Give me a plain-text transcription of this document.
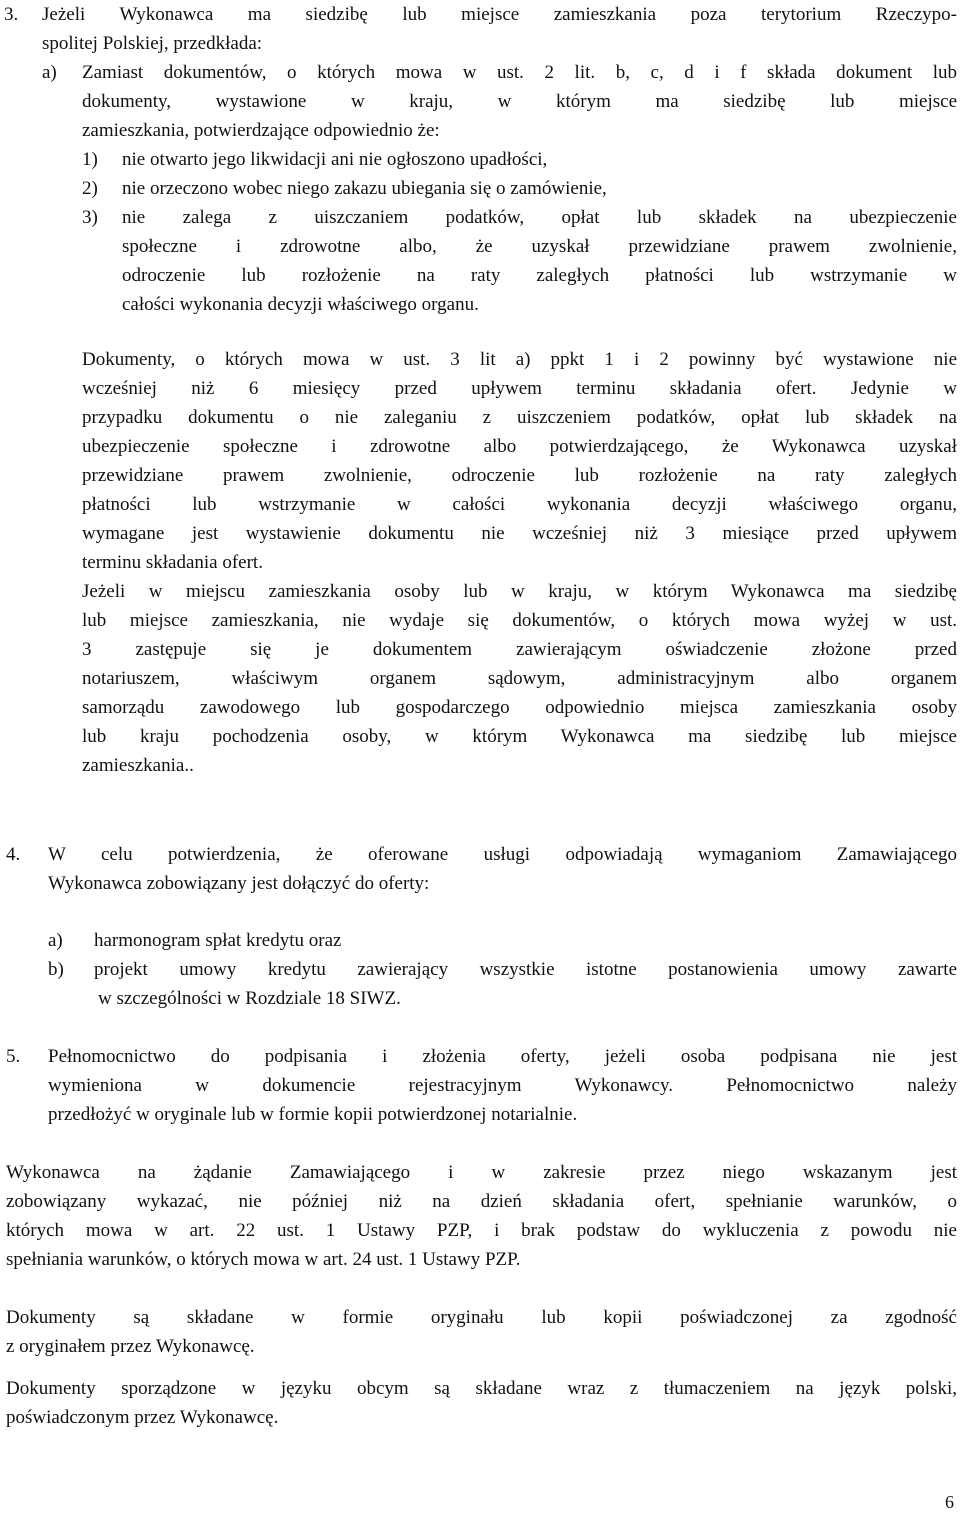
3. Jeżeli Wykonawca ma siedzibę lub miejsce zamieszkania poza terytorium Rzeczypo-
spolitej Polskiej, przedkłada:
a) Zamiast dokumentów, o których mowa w ust. 2 lit. b, c, d i f składa dokument lub
dokumenty, wystawione w kraju, w którym ma siedzibę lub miejsce
zamieszkania, potwierdzające odpowiednio że:
1) nie otwarto jego likwidacji ani nie ogłoszono upadłości,
2) nie orzeczono wobec niego zakazu ubiegania się o zamówienie,
3) nie zalega z uiszczaniem podatków, opłat lub składek na ubezpieczenie
społeczne i zdrowotne albo, że uzyskał przewidziane prawem zwolnienie,
odroczenie lub rozłożenie na raty zaległych płatności lub wstrzymanie w
całości wykonania decyzji właściwego organu.
Dokumenty, o których mowa w ust. 3 lit a) ppkt 1 i 2 powinny być wystawione nie
wcześniej niż 6 miesięcy przed upływem terminu składania ofert. Jedynie w
przypadku dokumentu o nie zaleganiu z uiszczeniem podatków, opłat lub składek na
ubezpieczenie społeczne i zdrowotne albo potwierdzającego, że Wykonawca uzyskał
przewidziane prawem zwolnienie, odroczenie lub rozłożenie na raty zaległych
płatności lub wstrzymanie w całości wykonania decyzji właściwego organu,
wymagane jest wystawienie dokumentu nie wcześniej niż 3 miesiące przed upływem
terminu składania ofert.
Jeżeli w miejscu zamieszkania osoby lub w kraju, w którym Wykonawca ma siedzibę
lub miejsce zamieszkania, nie wydaje się dokumentów, o których mowa wyżej w ust.
3 zastępuje się je dokumentem zawierającym oświadczenie złożone przed
notariuszem, właściwym organem sądowym, administracyjnym albo organem
samorządu zawodowego lub gospodarczego odpowiednio miejsca zamieszkania osoby
lub kraju pochodzenia osoby, w którym Wykonawca ma siedzibę lub miejsce
zamieszkania..
4. W celu potwierdzenia, że oferowane usługi odpowiadają wymaganiom Zamawiającego
Wykonawca zobowiązany jest dołączyć do oferty:
a) harmonogram spłat kredytu oraz
b) projekt umowy kredytu zawierający wszystkie istotne postanowienia umowy zawarte
w szczególności w Rozdziale 18 SIWZ.
5. Pełnomocnictwo do podpisania i złożenia oferty, jeżeli osoba podpisana nie jest
wymieniona w dokumencie rejestracyjnym Wykonawcy. Pełnomocnictwo należy
przedłożyć w oryginale lub w formie kopii potwierdzonej notarialnie.
Wykonawca na żądanie Zamawiającego i w zakresie przez niego wskazanym jest
zobowiązany wykazać, nie później niż na dzień składania ofert, spełnianie warunków, o
których mowa w art. 22 ust. 1 Ustawy PZP, i brak podstaw do wykluczenia z powodu nie
spełniania warunków, o których mowa w art. 24 ust. 1 Ustawy PZP.
Dokumenty są składane w formie oryginału lub kopii poświadczonej za zgodność
z oryginałem przez Wykonawcę.
Dokumenty sporządzone w języku obcym są składane wraz z tłumaczeniem na język polski,
poświadczonym przez Wykonawcę.
6
